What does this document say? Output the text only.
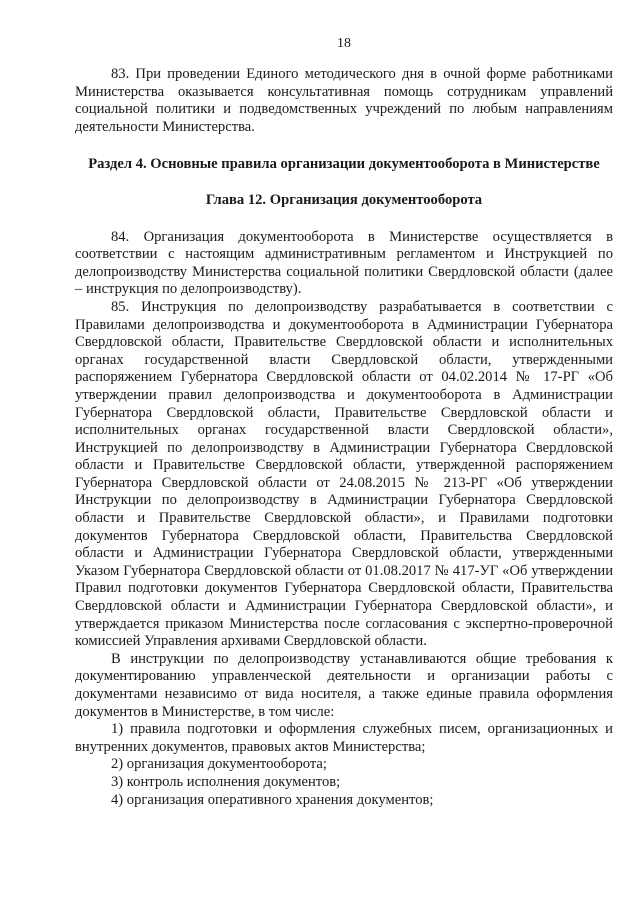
18

83. При проведении Единого методического дня в очной форме работниками Министерства оказывается консультативная помощь сотрудникам управлений социальной политики и подведомственных учреждений по любым направлениям деятельности Министерства.

Раздел 4. Основные правила организации документооборота в Министерстве

Глава 12. Организация документооборота

84. Организация документооборота в Министерстве осуществляется в соответствии с настоящим административным регламентом и Инструкцией по делопроизводству Министерства социальной политики Свердловской области (далее – инструкция по делопроизводству).

85. Инструкция по делопроизводству разрабатывается в соответствии с Правилами делопроизводства и документооборота в Администрации Губернатора Свердловской области, Правительстве Свердловской области и исполнительных органах государственной власти Свердловской области, утвержденными распоряжением Губернатора Свердловской области от 04.02.2014 № 17-РГ «Об утверждении правил делопроизводства и документооборота в Администрации Губернатора Свердловской области, Правительстве Свердловской области и исполнительных органах государственной власти Свердловской области», Инструкцией по делопроизводству в Администрации Губернатора Свердловской области и Правительстве Свердловской области, утвержденной распоряжением Губернатора Свердловской области от 24.08.2015 № 213-РГ «Об утверждении Инструкции по делопроизводству в Администрации Губернатора Свердловской области и Правительстве Свердловской области», и Правилами подготовки документов Губернатора Свердловской области, Правительства Свердловской области и Администрации Губернатора Свердловской области, утвержденными Указом Губернатора Свердловской области от 01.08.2017 № 417-УГ «Об утверждении Правил подготовки документов Губернатора Свердловской области, Правительства Свердловской области и Администрации Губернатора Свердловской области», и утверждается приказом Министерства после согласования с экспертно-проверочной комиссией Управления архивами Свердловской области.

В инструкции по делопроизводству устанавливаются общие требования к документированию управленческой деятельности и организации работы с документами независимо от вида носителя, а также единые правила оформления документов в Министерстве, в том числе:

1) правила подготовки и оформления служебных писем, организационных и внутренних документов, правовых актов Министерства;

2) организация документооборота;

3) контроль исполнения документов;

4) организация оперативного хранения документов;
